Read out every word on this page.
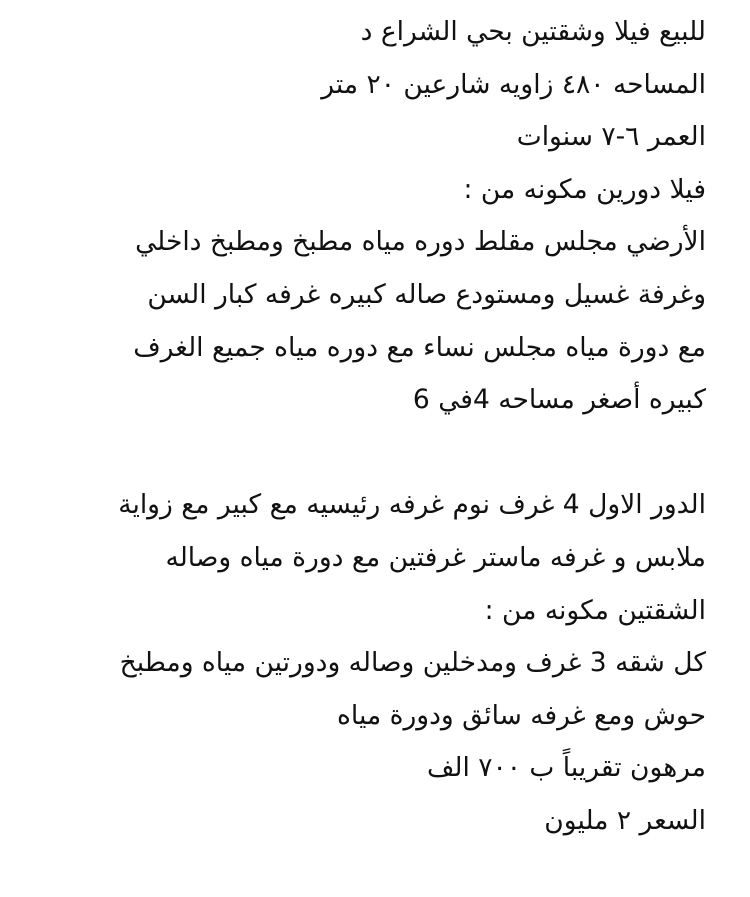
للبيع فيلا وشقتين بحي الشراع د
المساحه ٤٨٠ زاويه شارعين ٢٠ متر
العمر ٦-٧ سنوات
فيلا دورين مكونه من :
الأرضي مجلس مقلط دوره مياه مطبخ ومطبخ داخلي
وغرفة غسيل ومستودع صاله كبيره غرفه كبار السن
مع دورة مياه مجلس نساء مع دوره مياه جميع الغرف
كبيره أصغر مساحه 4في 6
الدور الاول 4 غرف نوم غرفه رئيسيه مع كبير مع زواية
ملابس و غرفه ماستر غرفتين مع دورة مياه وصاله
الشقتين مكونه من :
كل شقه 3 غرف ومدخلين وصاله ودورتين مياه ومطبخ
حوش ومع غرفه سائق ودورة مياه
مرهون تقريباً ب ٧٠٠ الف
السعر ٢ مليون
